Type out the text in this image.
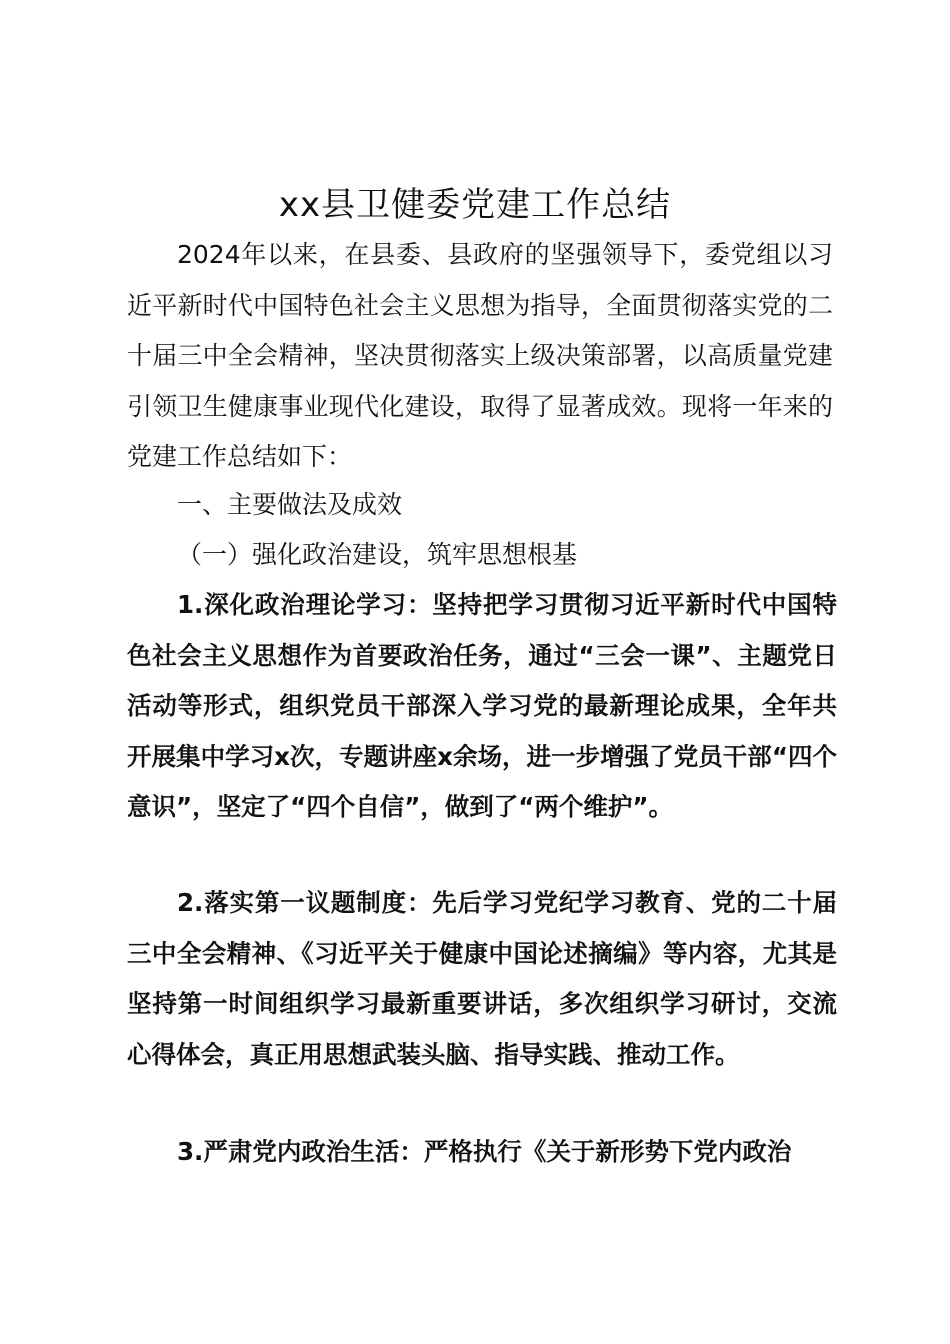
xx县卫健委党建工作总结
2024年以来，在县委、县政府的坚强领导下，委党组以习近平新时代中国特色社会主义思想为指导，全面贯彻落实党的二十届三中全会精神，坚决贯彻落实上级决策部署，以高质量党建引领卫生健康事业现代化建设，取得了显著成效。现将一年来的党建工作总结如下：
一、主要做法及成效
（一）强化政治建设，筑牢思想根基
1.深化政治理论学习：坚持把学习贯彻习近平新时代中国特色社会主义思想作为首要政治任务，通过“三会一课”、主题党日活动等形式，组织党员干部深入学习党的最新理论成果，全年共开展集中学习x次，专题讲座x余场，进一步增强了党员干部“四个意识”，坚定了“四个自信”，做到了“两个维护”。
2.落实第一议题制度：先后学习党纪学习教育、党的二十届三中全会精神、《习近平关于健康中国论述摘编》等内容，尤其是坚持第一时间组织学习最新重要讲话，多次组织学习研讨，交流心得体会，真正用思想武装头脑、指导实践、推动工作。
3.严肃党内政治生活：严格执行《关于新形势下党内政治
